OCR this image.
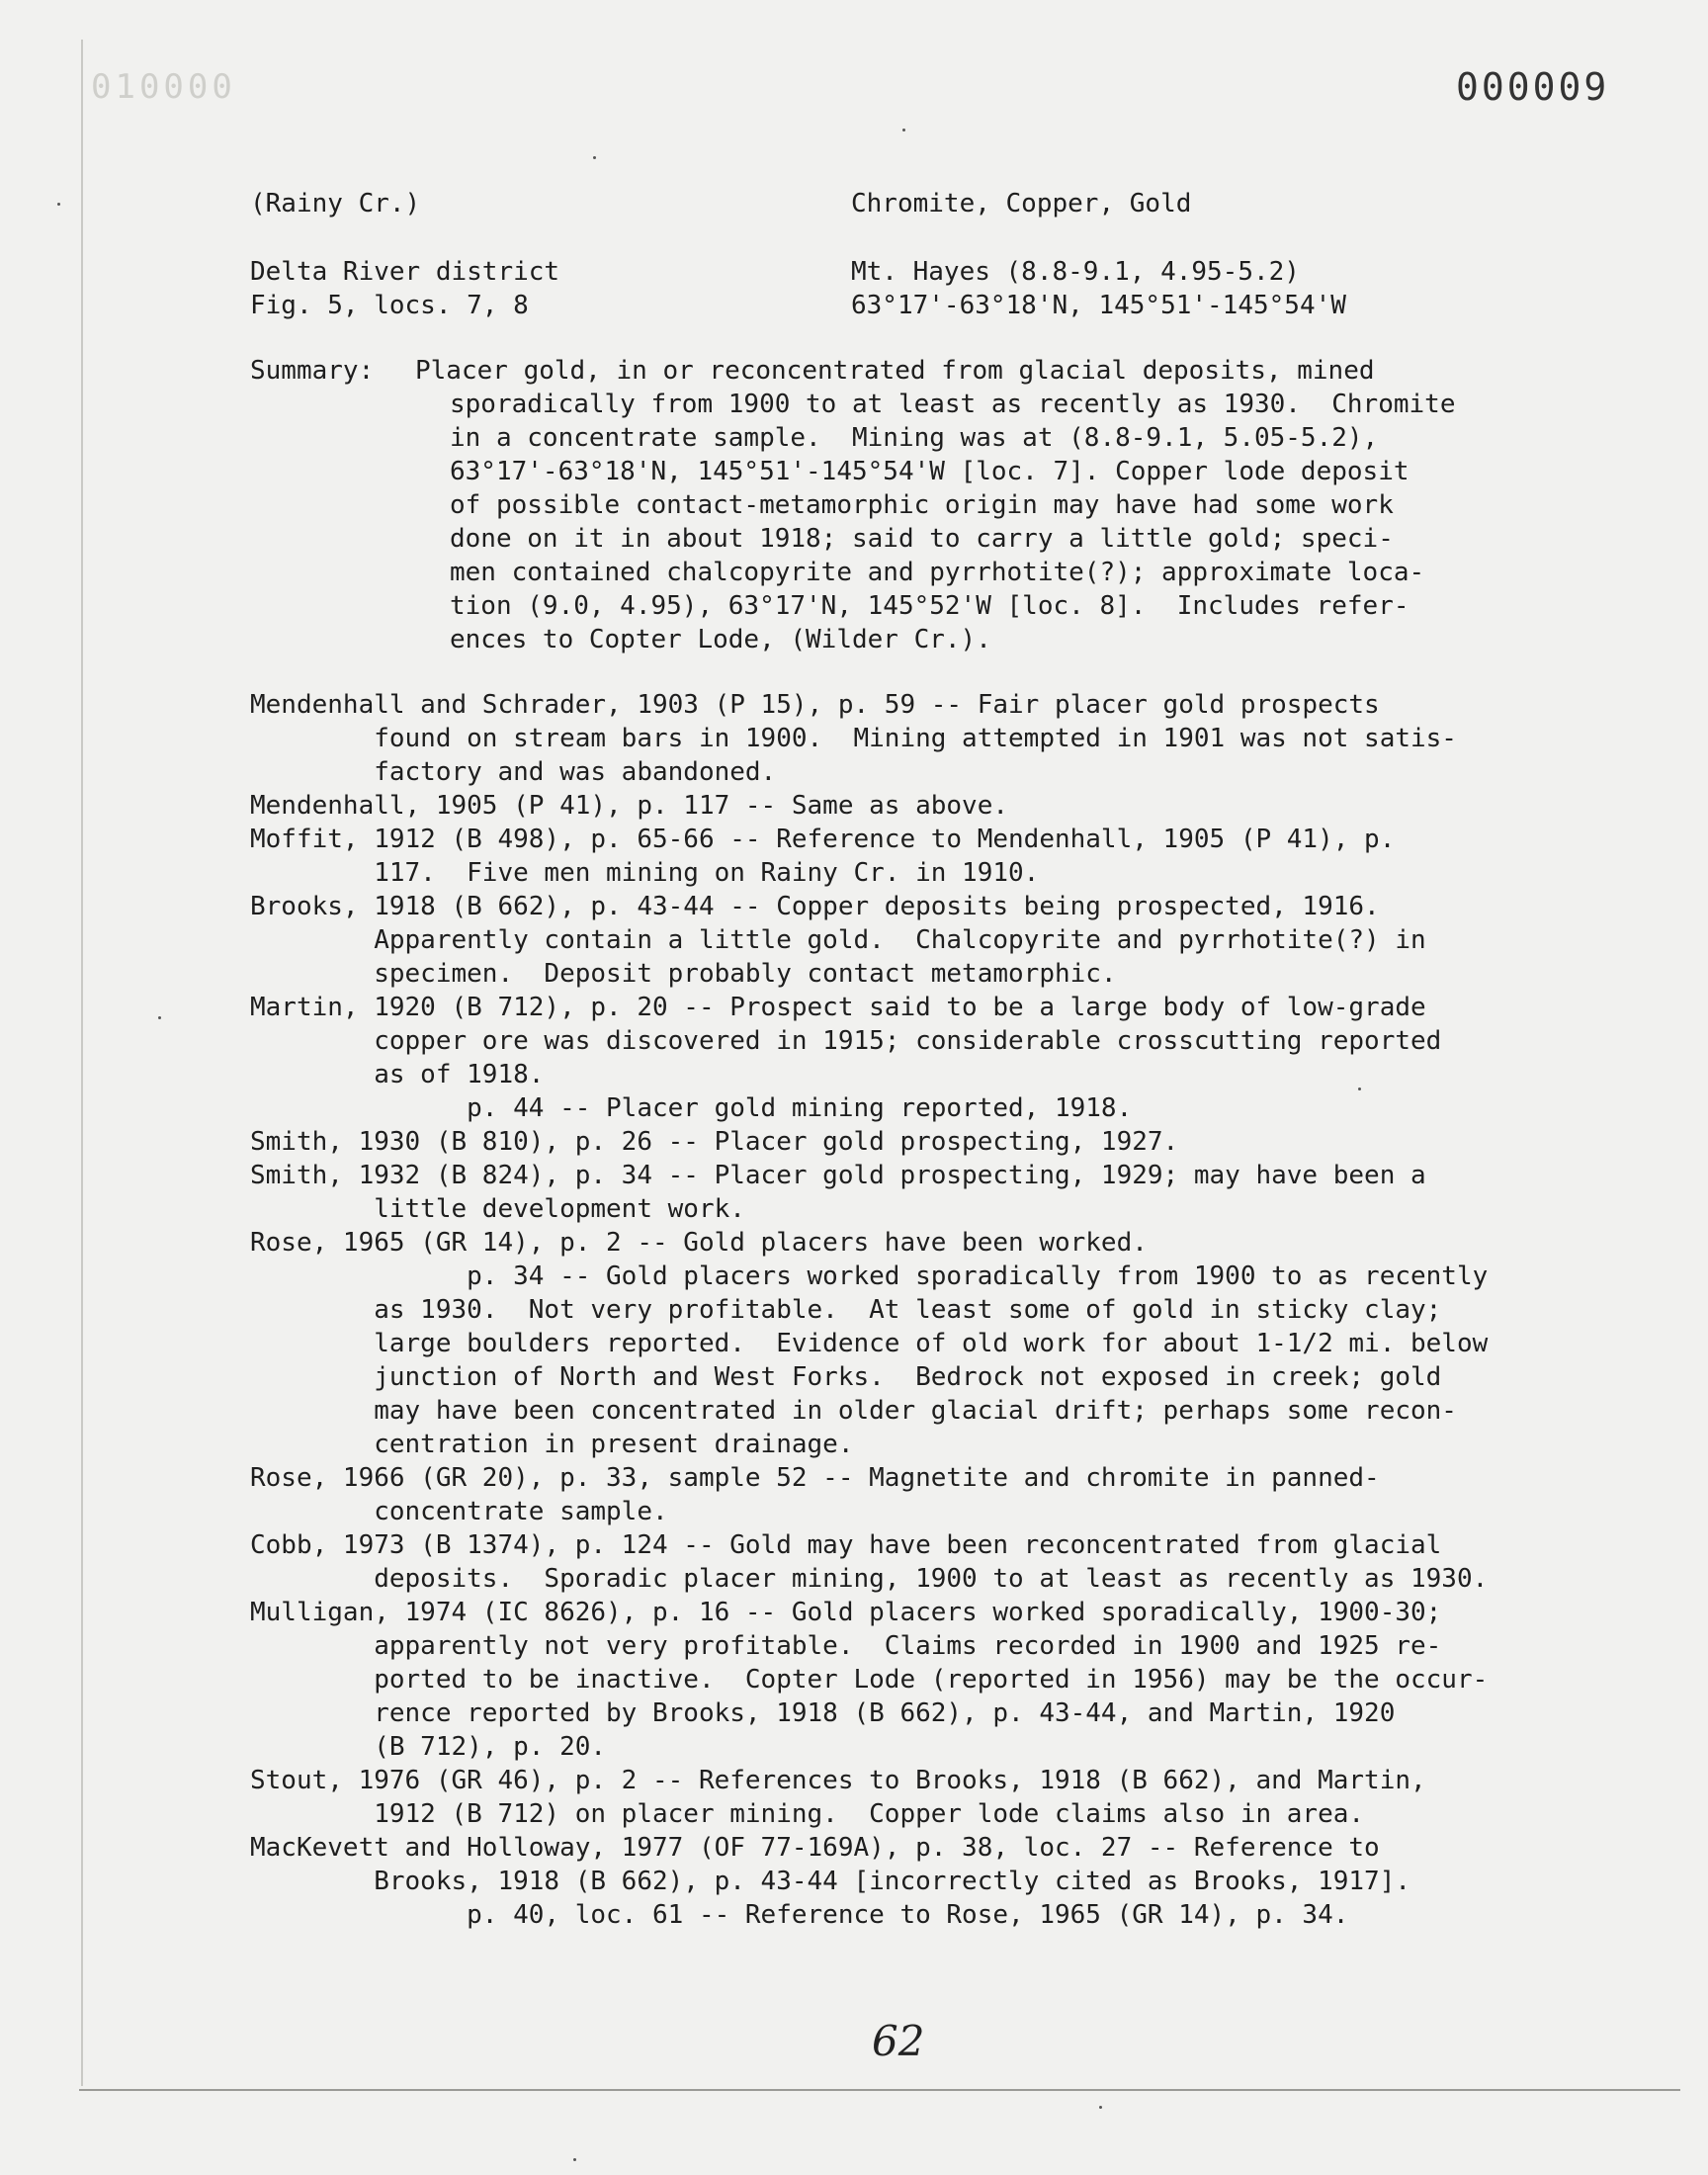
010000	000009
(Rainy Cr.)	Chromite, Copper, Gold
Delta River district	Mt. Hayes (8.8-9.1, 4.95-5.2)
Fig. 5, locs. 7, 8	63°17'-63°18'N, 145°51'-145°54'W
Summary: Placer gold, in or reconcentrated from glacial deposits, mined
sporadically from 1900 to at least as recently as 1930.  Chromite
in a concentrate sample.  Mining was at (8.8-9.1, 5.05-5.2),
63°17'-63°18'N, 145°51'-145°54'W [loc. 7]. Copper lode deposit
of possible contact-metamorphic origin may have had some work
done on it in about 1918; said to carry a little gold; speci-
men contained chalcopyrite and pyrrhotite(?); approximate loca-
tion (9.0, 4.95), 63°17'N, 145°52'W [loc. 8].  Includes refer-
ences to Copter Lode, (Wilder Cr.).
Mendenhall and Schrader, 1903 (P 15), p. 59 -- Fair placer gold prospects
found on stream bars in 1900.  Mining attempted in 1901 was not satis-
factory and was abandoned.
Mendenhall, 1905 (P 41), p. 117 -- Same as above.
Moffit, 1912 (B 498), p. 65-66 -- Reference to Mendenhall, 1905 (P 41), p.
117.  Five men mining on Rainy Cr. in 1910.
Brooks, 1918 (B 662), p. 43-44 -- Copper deposits being prospected, 1916.
Apparently contain a little gold.  Chalcopyrite and pyrrhotite(?) in
specimen.  Deposit probably contact metamorphic.
Martin, 1920 (B 712), p. 20 -- Prospect said to be a large body of low-grade
copper ore was discovered in 1915; considerable crosscutting reported
as of 1918.
p. 44 -- Placer gold mining reported, 1918.
Smith, 1930 (B 810), p. 26 -- Placer gold prospecting, 1927.
Smith, 1932 (B 824), p. 34 -- Placer gold prospecting, 1929; may have been a
little development work.
Rose, 1965 (GR 14), p. 2 -- Gold placers have been worked.
p. 34 -- Gold placers worked sporadically from 1900 to as recently
as 1930.  Not very profitable.  At least some of gold in sticky clay;
large boulders reported.  Evidence of old work for about 1-1/2 mi. below
junction of North and West Forks.  Bedrock not exposed in creek; gold
may have been concentrated in older glacial drift; perhaps some recon-
centration in present drainage.
Rose, 1966 (GR 20), p. 33, sample 52 -- Magnetite and chromite in panned-
concentrate sample.
Cobb, 1973 (B 1374), p. 124 -- Gold may have been reconcentrated from glacial
deposits.  Sporadic placer mining, 1900 to at least as recently as 1930.
Mulligan, 1974 (IC 8626), p. 16 -- Gold placers worked sporadically, 1900-30;
apparently not very profitable.  Claims recorded in 1900 and 1925 re-
ported to be inactive.  Copter Lode (reported in 1956) may be the occur-
rence reported by Brooks, 1918 (B 662), p. 43-44, and Martin, 1920
(B 712), p. 20.
Stout, 1976 (GR 46), p. 2 -- References to Brooks, 1918 (B 662), and Martin,
1912 (B 712) on placer mining.  Copper lode claims also in area.
MacKevett and Holloway, 1977 (OF 77-169A), p. 38, loc. 27 -- Reference to
Brooks, 1918 (B 662), p. 43-44 [incorrectly cited as Brooks, 1917].
p. 40, loc. 61 -- Reference to Rose, 1965 (GR 14), p. 34.
62
